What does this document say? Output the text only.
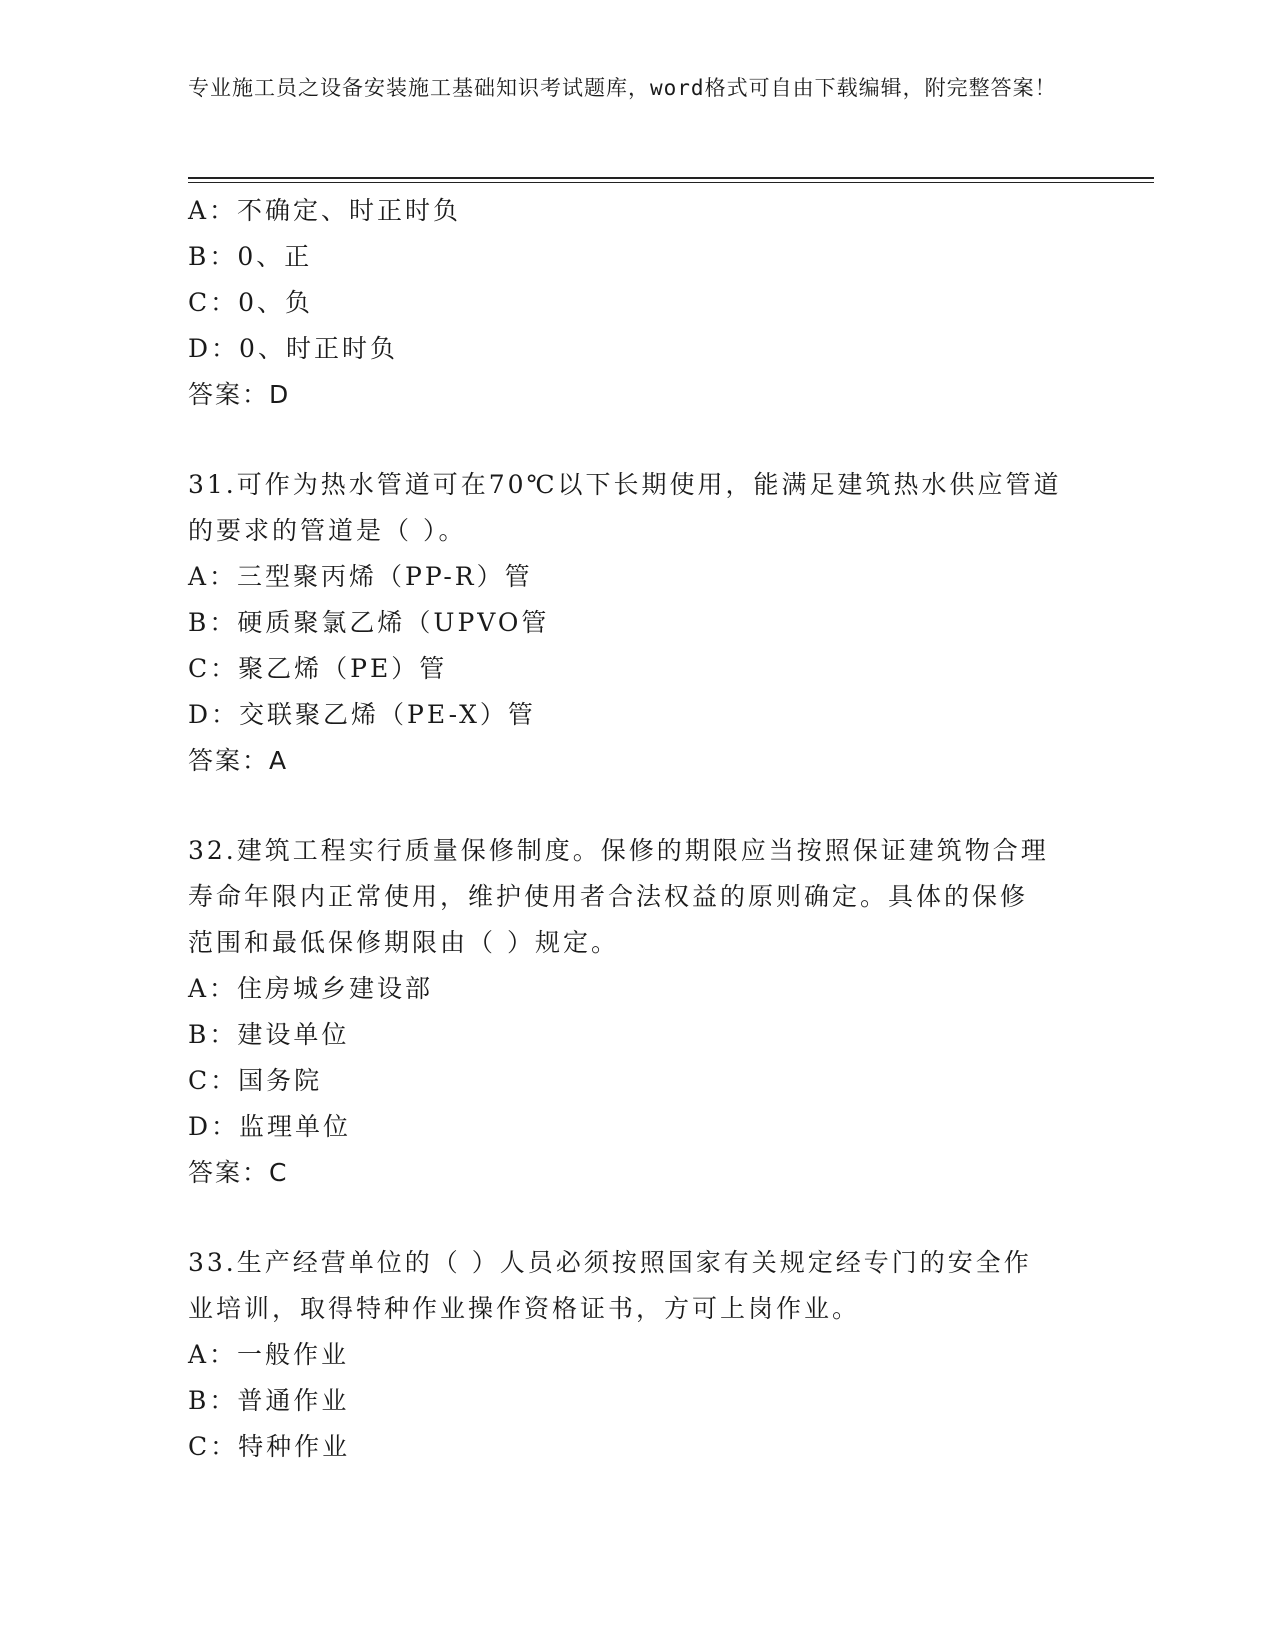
专业施工员之设备安装施工基础知识考试题库，word格式可自由下载编辑，附完整答案！
A：不确定、时正时负
B：0、正
C：0、负
D：0、时正时负
答案：D
31.可作为热水管道可在70℃以下长期使用，能满足建筑热水供应管道
的要求的管道是（ ）。
A：三型聚丙烯（PP-R）管
B：硬质聚氯乙烯（UPVO管
C：聚乙烯（PE）管
D：交联聚乙烯（PE-X）管
答案：A
32.建筑工程实行质量保修制度。保修的期限应当按照保证建筑物合理
寿命年限内正常使用，维护使用者合法权益的原则确定。具体的保修
范围和最低保修期限由（ ）规定。
A：住房城乡建设部
B：建设单位
C：国务院
D：监理单位
答案：C
33.生产经营单位的（ ）人员必须按照国家有关规定经专门的安全作
业培训，取得特种作业操作资格证书，方可上岗作业。
A：一般作业
B：普通作业
C：特种作业
